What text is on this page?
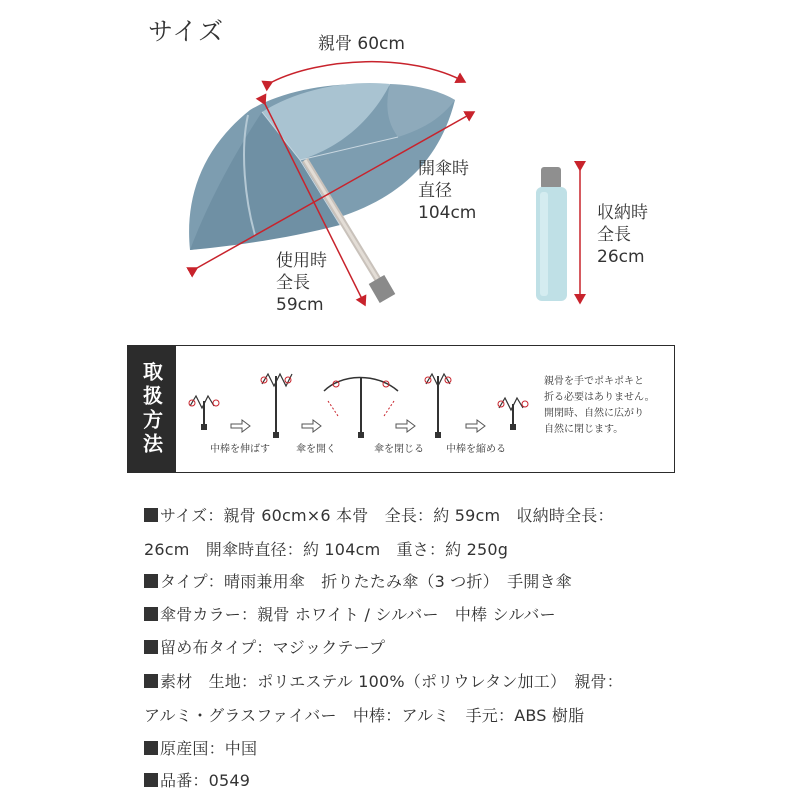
サイズ	親骨 60cm
開傘時
直径
104cm
使用時
全長
59cm
収納時
全長
26cm
取扱方法	中棒を伸ばす	傘を開く	傘を閉じる	中棒を縮める
親骨を手でポキポキと
折る必要はありません。
開閉時、自然に広がり
自然に閉じます。
サイズ：親骨 60cm×6 本骨　全長：約 59cm　収納時全長：
26cm　開傘時直径：約 104cm　重さ：約 250g
タイプ：晴雨兼用傘　折りたたみ傘（3 つ折）　手開き傘
傘骨カラー：親骨 ホワイト / シルバー　中棒 シルバー
留め布タイプ：マジックテープ
素材　生地：ポリエステル 100%（ポリウレタン加工）　親骨：
アルミ・グラスファイバー　中棒：アルミ　手元：ABS 樹脂
原産国：中国
品番：0549
